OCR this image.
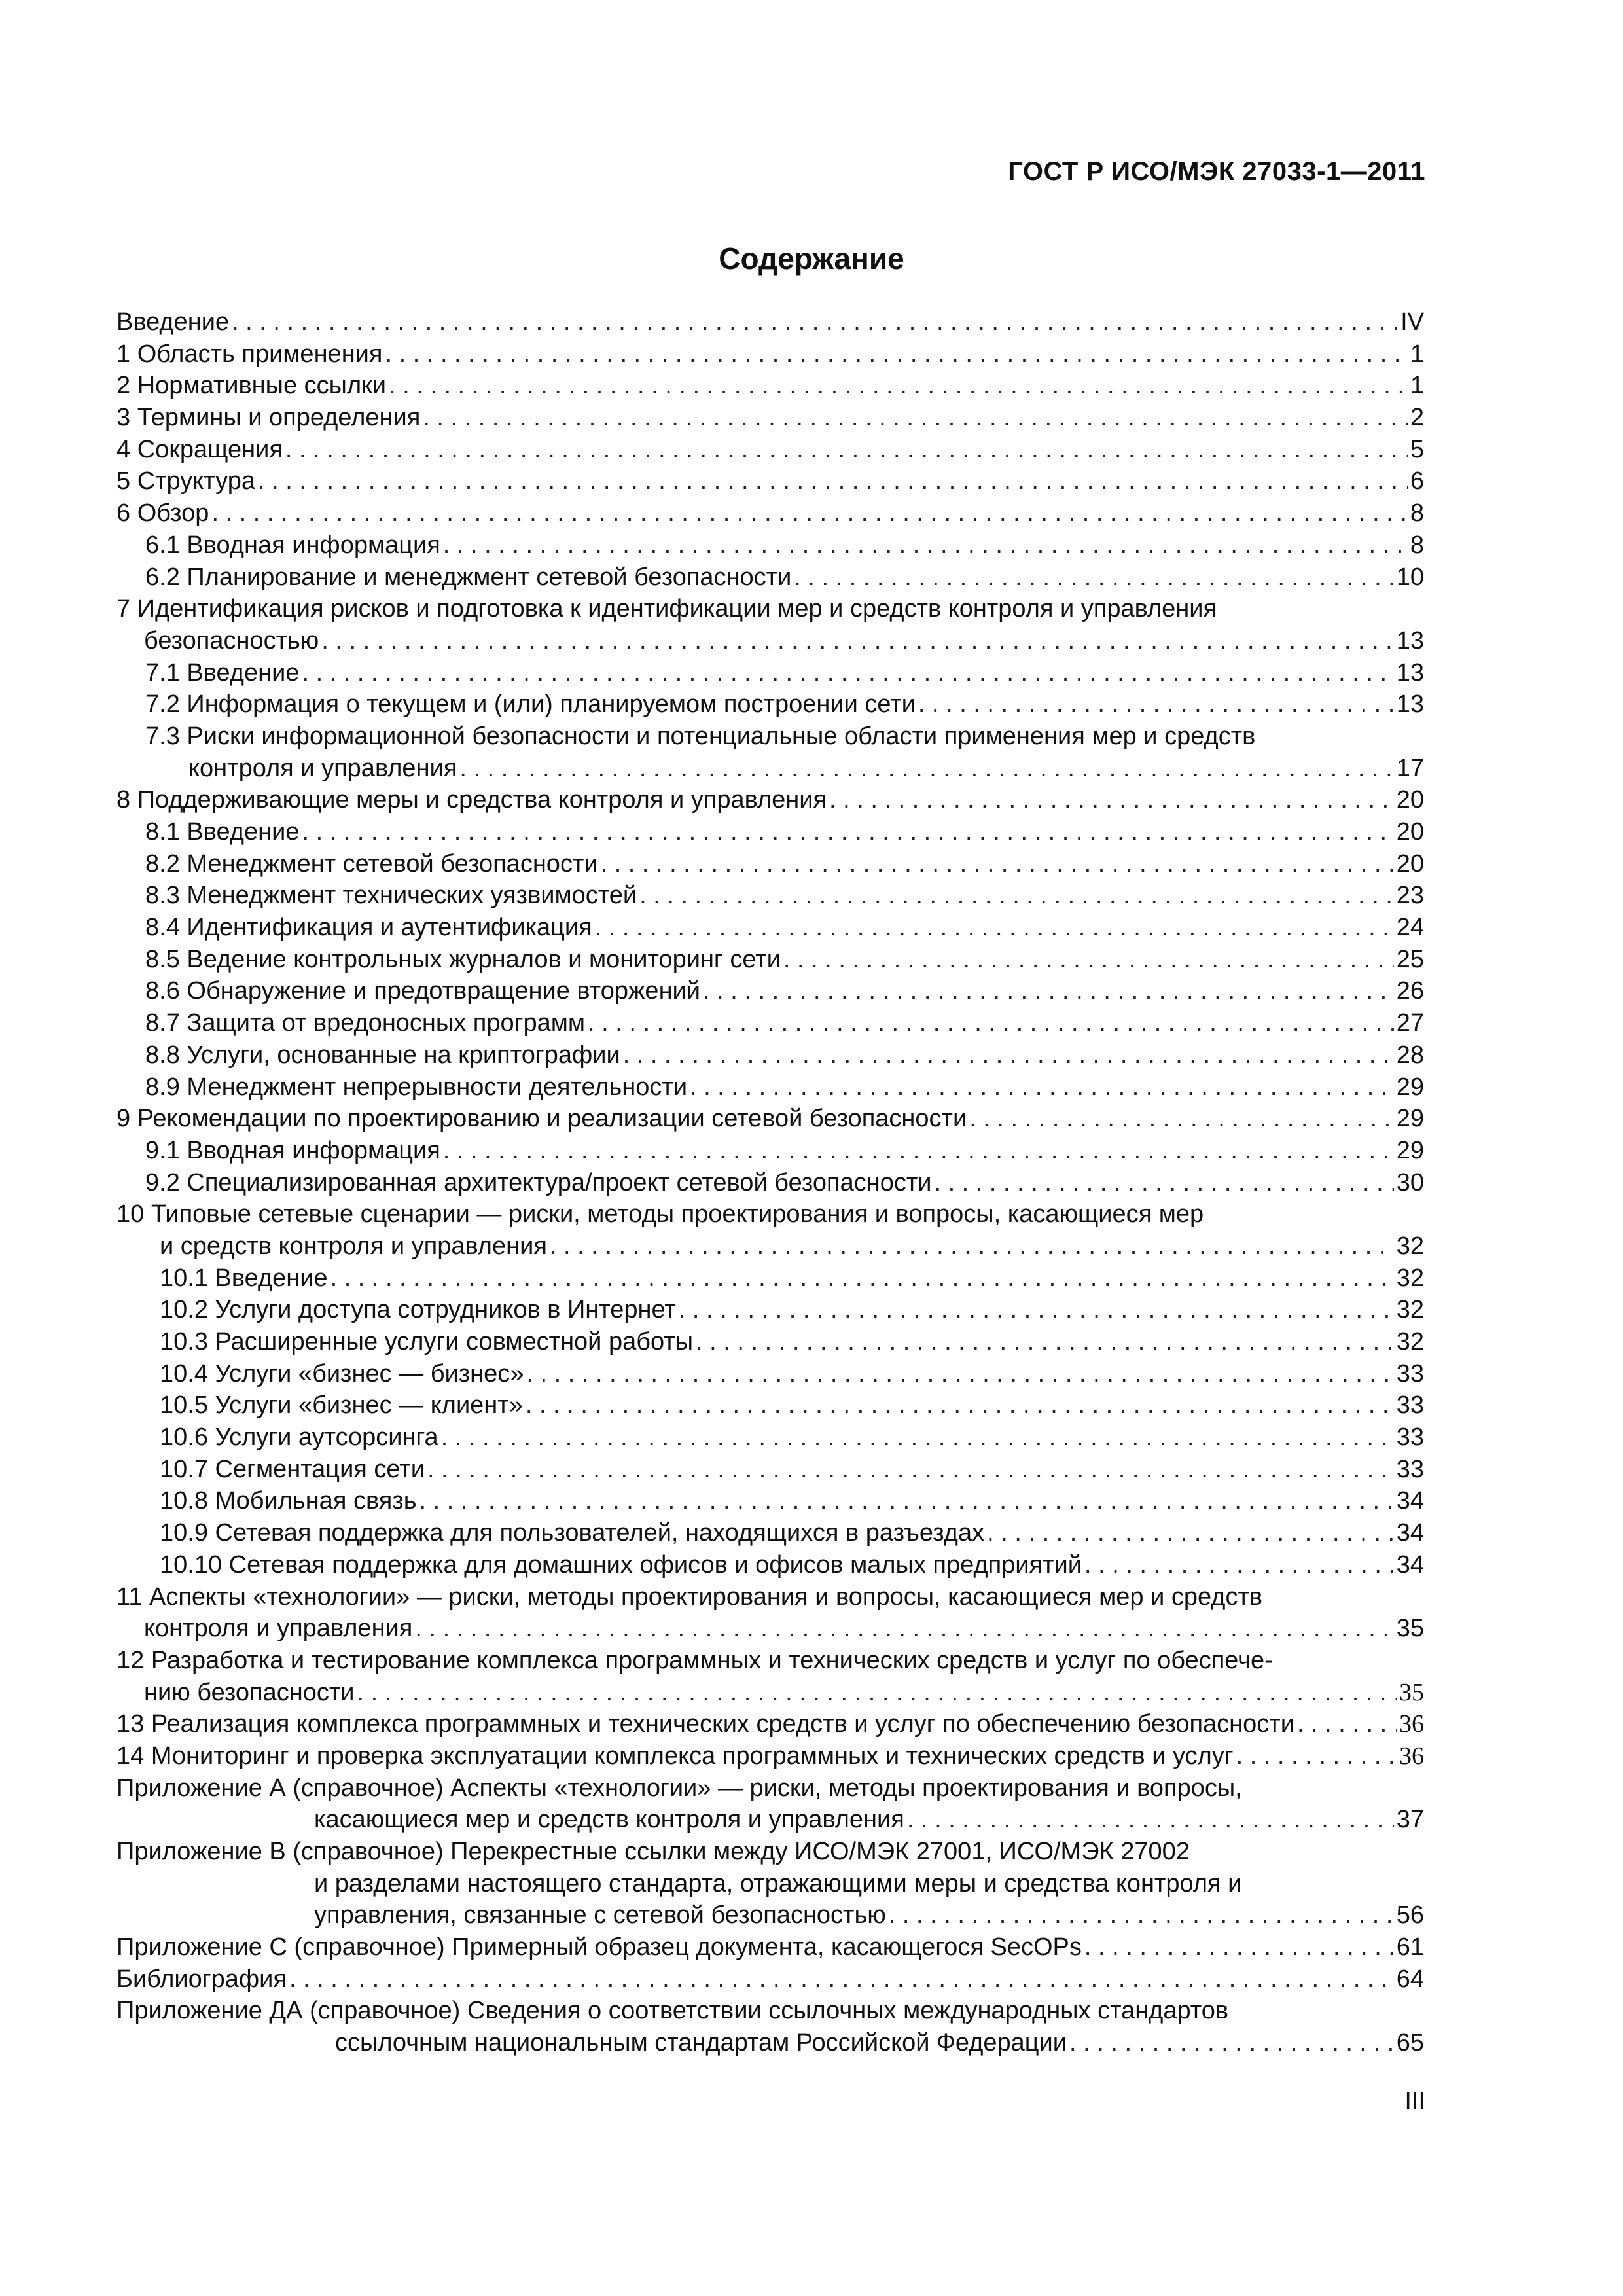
ГОСТ Р ИСО/МЭК 27033-1—2011
Содержание
Введение . . .	IV
1 Область применения . . .	1
2 Нормативные ссылки . . .	1
3 Термины и определения . . .	2
4 Сокращения . . .	5
5 Структура . . .	6
6 Обзор . . .	8
6.1 Вводная информация . . .	8
6.2 Планирование и менеджмент сетевой безопасности . . .	10
7 Идентификация рисков и подготовка к идентификации мер и средств контроля и управления
безопасностью . . .	13
7.1 Введение . . .	13
7.2 Информация о текущем и (или) планируемом построении сети . . .	13
7.3 Риски информационной безопасности и потенциальные области применения мер и средств
контроля и управления . . .	17
8 Поддерживающие меры и средства контроля и управления . . .	20
8.1 Введение . . .	20
8.2 Менеджмент сетевой безопасности . . .	20
8.3 Менеджмент технических уязвимостей . . .	23
8.4 Идентификация и аутентификация . . .	24
8.5 Ведение контрольных журналов и мониторинг сети . . .	25
8.6 Обнаружение и предотвращение вторжений . . .	26
8.7 Защита от вредоносных программ . . .	27
8.8 Услуги, основанные на криптографии . . .	28
8.9 Менеджмент непрерывности деятельности . . .	29
9 Рекомендации по проектированию и реализации сетевой безопасности . . .	29
9.1 Вводная информация . . .	29
9.2 Специализированная архитектура/проект сетевой безопасности . . .	30
10 Типовые сетевые сценарии — риски, методы проектирования и вопросы, касающиеся мер
и средств контроля и управления . . .	32
10.1 Введение . . .	32
10.2 Услуги доступа сотрудников в Интернет . . .	32
10.3 Расширенные услуги совместной работы . . .	32
10.4 Услуги «бизнес — бизнес» . . .	33
10.5 Услуги «бизнес — клиент» . . .	33
10.6 Услуги аутсорсинга . . .	33
10.7 Сегментация сети . . .	33
10.8 Мобильная связь . . .	34
10.9 Сетевая поддержка для пользователей, находящихся в разъездах . . .	34
10.10 Сетевая поддержка для домашних офисов и офисов малых предприятий . . .	34
11 Аспекты «технологии» — риски, методы проектирования и вопросы, касающиеся мер и средств
контроля и управления . . .	35
12 Разработка и тестирование комплекса программных и технических средств и услуг по обеспече-
нию безопасности . . .	35
13 Реализация комплекса программных и технических средств и услуг по обеспечению безопасности . . .	36
14 Мониторинг и проверка эксплуатации комплекса программных и технических средств и услуг . . .	36
Приложение А (справочное) Аспекты «технологии» — риски, методы проектирования и вопросы,
касающиеся мер и средств контроля и управления . . .	37
Приложение В (справочное) Перекрестные ссылки между ИСО/МЭК 27001, ИСО/МЭК 27002
и разделами настоящего стандарта, отражающими меры и средства контроля и
управления, связанные с сетевой безопасностью . . .	56
Приложение С (справочное) Примерный образец документа, касающегося SecOPs . . .	61
Библиография . . .	64
Приложение ДА (справочное) Сведения о соответствии ссылочных международных стандартов
ссылочным национальным стандартам Российской Федерации . . .	65
III
